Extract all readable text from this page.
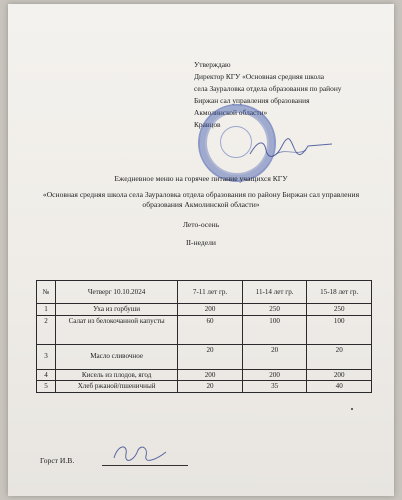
Утверждаю
Директор КГУ «Основная средняя школа
села Зауралoвка отдела образования по району
Биржан сал управления образования
Акмолинской области»
Кравцов
Ежедневное меню на горячее питание учащихся КГУ
«Основная средняя школа села Зауралoвка отдела образования по району Биржан сал управления образования Акмолинской области»
Лето-осень
II-недели
№	Четверг 10.10.2024	7-11 лет гр.	11-14 лет гр.	15-18 лет гр.
1	Уха из горбуши	200	250	250
2	Салат из белокочанной капусты	60	100	100
3	Масло сливочное	20	20	20
4	Кисель из плодов, ягод	200	200	200
5	Хлеб ржаной/пшеничный	20	35	40
Горст И.В.
